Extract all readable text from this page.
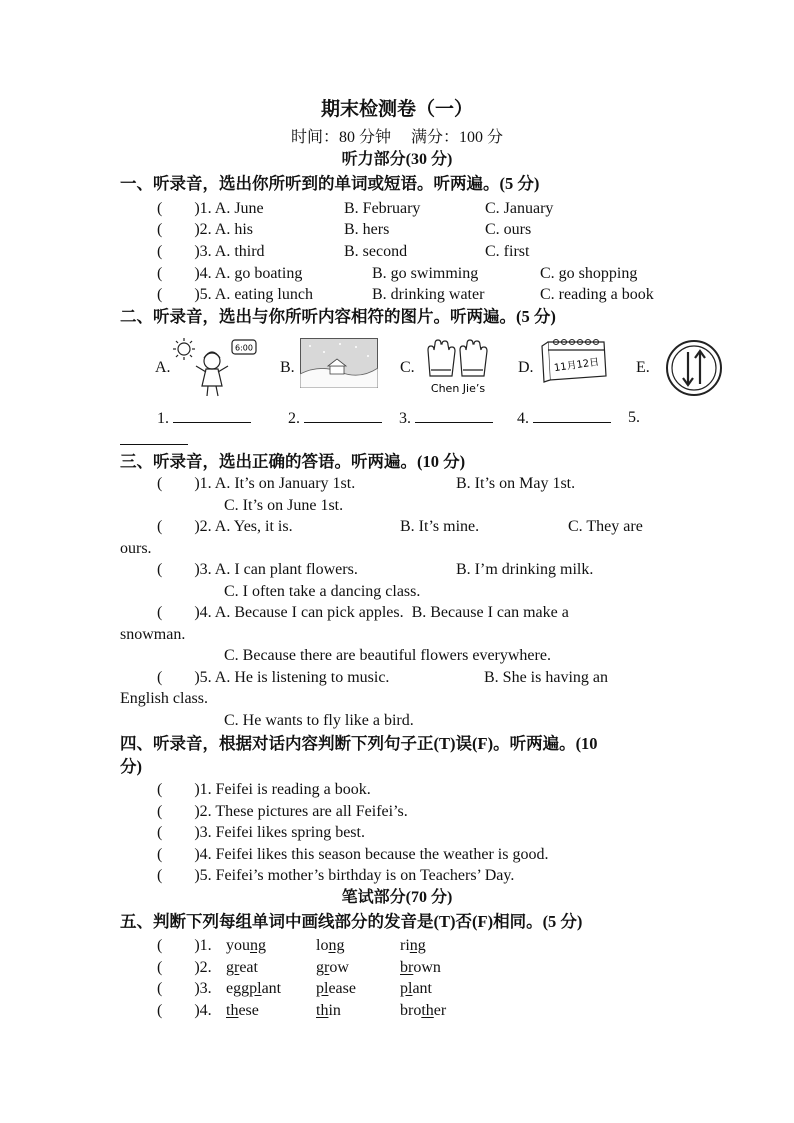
期末检测卷（一）
时间：80 分钟     满分：100 分
听力部分(30 分)
一、听录音，选出你所听到的单词或短语。听两遍。(5 分)
(        )1. A. June	B. February	C. January
(        )2. A. his	B. hers	C. ours
(        )3. A. third	B. second	C. first
(        )4. A. go boating	B. go swimming	C. go shopping
(        )5. A. eating lunch	B. drinking water	C. reading a book
二、听录音，选出与你所听内容相符的图片。听两遍。(5 分)
A.
6:00
B.	C.
Chen Jie’s
D. 11月12日 E.
1.	2.	3.	4.	5.
三、听录音，选出正确的答语。听两遍。(10 分)
(        )1. A. It’s on January 1st.	B. It’s on May 1st.
C. It’s on June 1st.
(        )2. A. Yes, it is.	B. It’s mine.	C. They are
ours.
(        )3. A. I can plant flowers.	B. I’m drinking milk.
C. I often take a dancing class.
(        )4. A. Because I can pick apples.  B. Because I can make a
snowman.
C. Because there are beautiful flowers everywhere.
(        )5. A. He is listening to music.	B. She is having an
English class.
C. He wants to fly like a bird.
四、听录音，根据对话内容判断下列句子正(T)误(F)。听两遍。(10
分)
(        )1. Feifei is reading a book.
(        )2. These pictures are all Feifei’s.
(        )3. Feifei likes spring best.
(        )4. Feifei likes this season because the weather is good.
(        )5. Feifei’s mother’s birthday is on Teachers’ Day.
笔试部分(70 分)
五、判断下列每组单词中画线部分的发音是(T)否(F)相同。(5 分)
(        )1. young	long	ring
(        )2. great	grow	brown
(        )3. eggplant please	plant
(        )4. these	thin	brother
